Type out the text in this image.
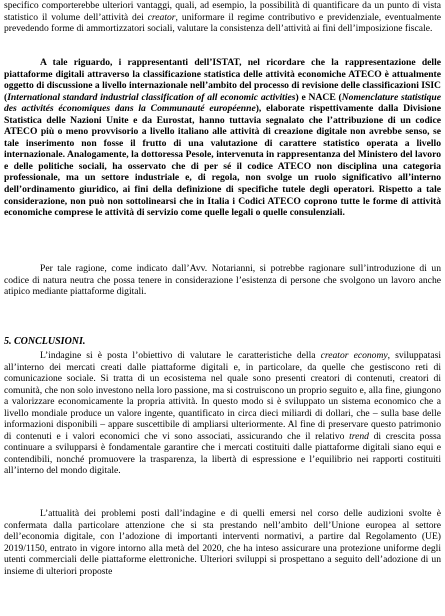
specifico comporterebbe ulteriori vantaggi, quali, ad esempio, la possibilità di quantificare da un punto di vista statistico il volume dell’attività dei creator, uniformare il regime contributivo e previdenziale, eventualmente prevedendo forme di ammortizzatori sociali, valutare la consistenza dell’attività ai fini dell’imposizione fiscale.

A tale riguardo, i rappresentanti dell’ISTAT, nel ricordare che la rappresentazione delle piattaforme digitali attraverso la classificazione statistica delle attività economiche ATECO è attualmente oggetto di discussione a livello internazionale nell’ambito del processo di revisione delle classificazioni ISIC (International standard industrial classification of all economic activities) e NACE (Nomenclature statistique des activités économiques dans la Communauté européenne), elaborate rispettivamente dalla Divisione Statistica delle Nazioni Unite e da Eurostat, hanno tuttavia segnalato che l’attribuzione di un codice ATECO più o meno provvisorio a livello italiano alle attività di creazione digitale non avrebbe senso, se tale inserimento non fosse il frutto di una valutazione di carattere statistico operata a livello internazionale. Analogamente, la dottoressa Pesole, intervenuta in rappresentanza del Ministero del lavoro e delle politiche sociali, ha osservato che di per sé il codice ATECO non disciplina una categoria professionale, ma un settore industriale e, di regola, non svolge un ruolo significativo all’interno dell’ordinamento giuridico, ai fini della definizione di specifiche tutele degli operatori. Rispetto a tale considerazione, non può non sottolinearsi che in Italia i Codici ATECO coprono tutte le forme di attività economiche comprese le attività di servizio come quelle legali o quelle consulenziali.

Per tale ragione, come indicato dall’Avv. Notarianni, si potrebbe ragionare sull’introduzione di un codice di natura neutra che possa tenere in considerazione l’esistenza di persone che svolgono un lavoro anche atipico mediante piattaforme digitali.

5. CONCLUSIONI.

L’indagine si è posta l’obiettivo di valutare le caratteristiche della creator economy, sviluppatasi all’interno dei mercati creati dalle piattaforme digitali e, in particolare, da quelle che gestiscono reti di comunicazione sociale. Si tratta di un ecosistema nel quale sono presenti creatori di contenuti, creatori di comunità, che non solo investono nella loro passione, ma si costruiscono un proprio seguito e, alla fine, giungono a valorizzare economicamente la propria attività. In questo modo si è sviluppato un sistema economico che a livello mondiale produce un valore ingente, quantificato in circa dieci miliardi di dollari, che – sulla base delle informazioni disponibili – appare suscettibile di ampliarsi ulteriormente. Al fine di preservare questo patrimonio di contenuti e i valori economici che vi sono associati, assicurando che il relativo trend di crescita possa continuare a svilupparsi è fondamentale garantire che i mercati costituiti dalle piattaforme digitali siano equi e contendibili, nonché promuovere la trasparenza, la libertà di espressione e l’equilibrio nei rapporti costituiti all’interno del mondo digitale.

L’attualità dei problemi posti dall’indagine e di quelli emersi nel corso delle audizioni svolte è confermata dalla particolare attenzione che si sta prestando nell’ambito dell’Unione europea al settore dell’economia digitale, con l’adozione di importanti interventi normativi, a partire dal Regolamento (UE) 2019/1150, entrato in vigore intorno alla metà del 2020, che ha inteso assicurare una protezione uniforme degli utenti commerciali delle piattaforme elettroniche. Ulteriori sviluppi si prospettano a seguito dell’adozione di un insieme di ulteriori proposte
